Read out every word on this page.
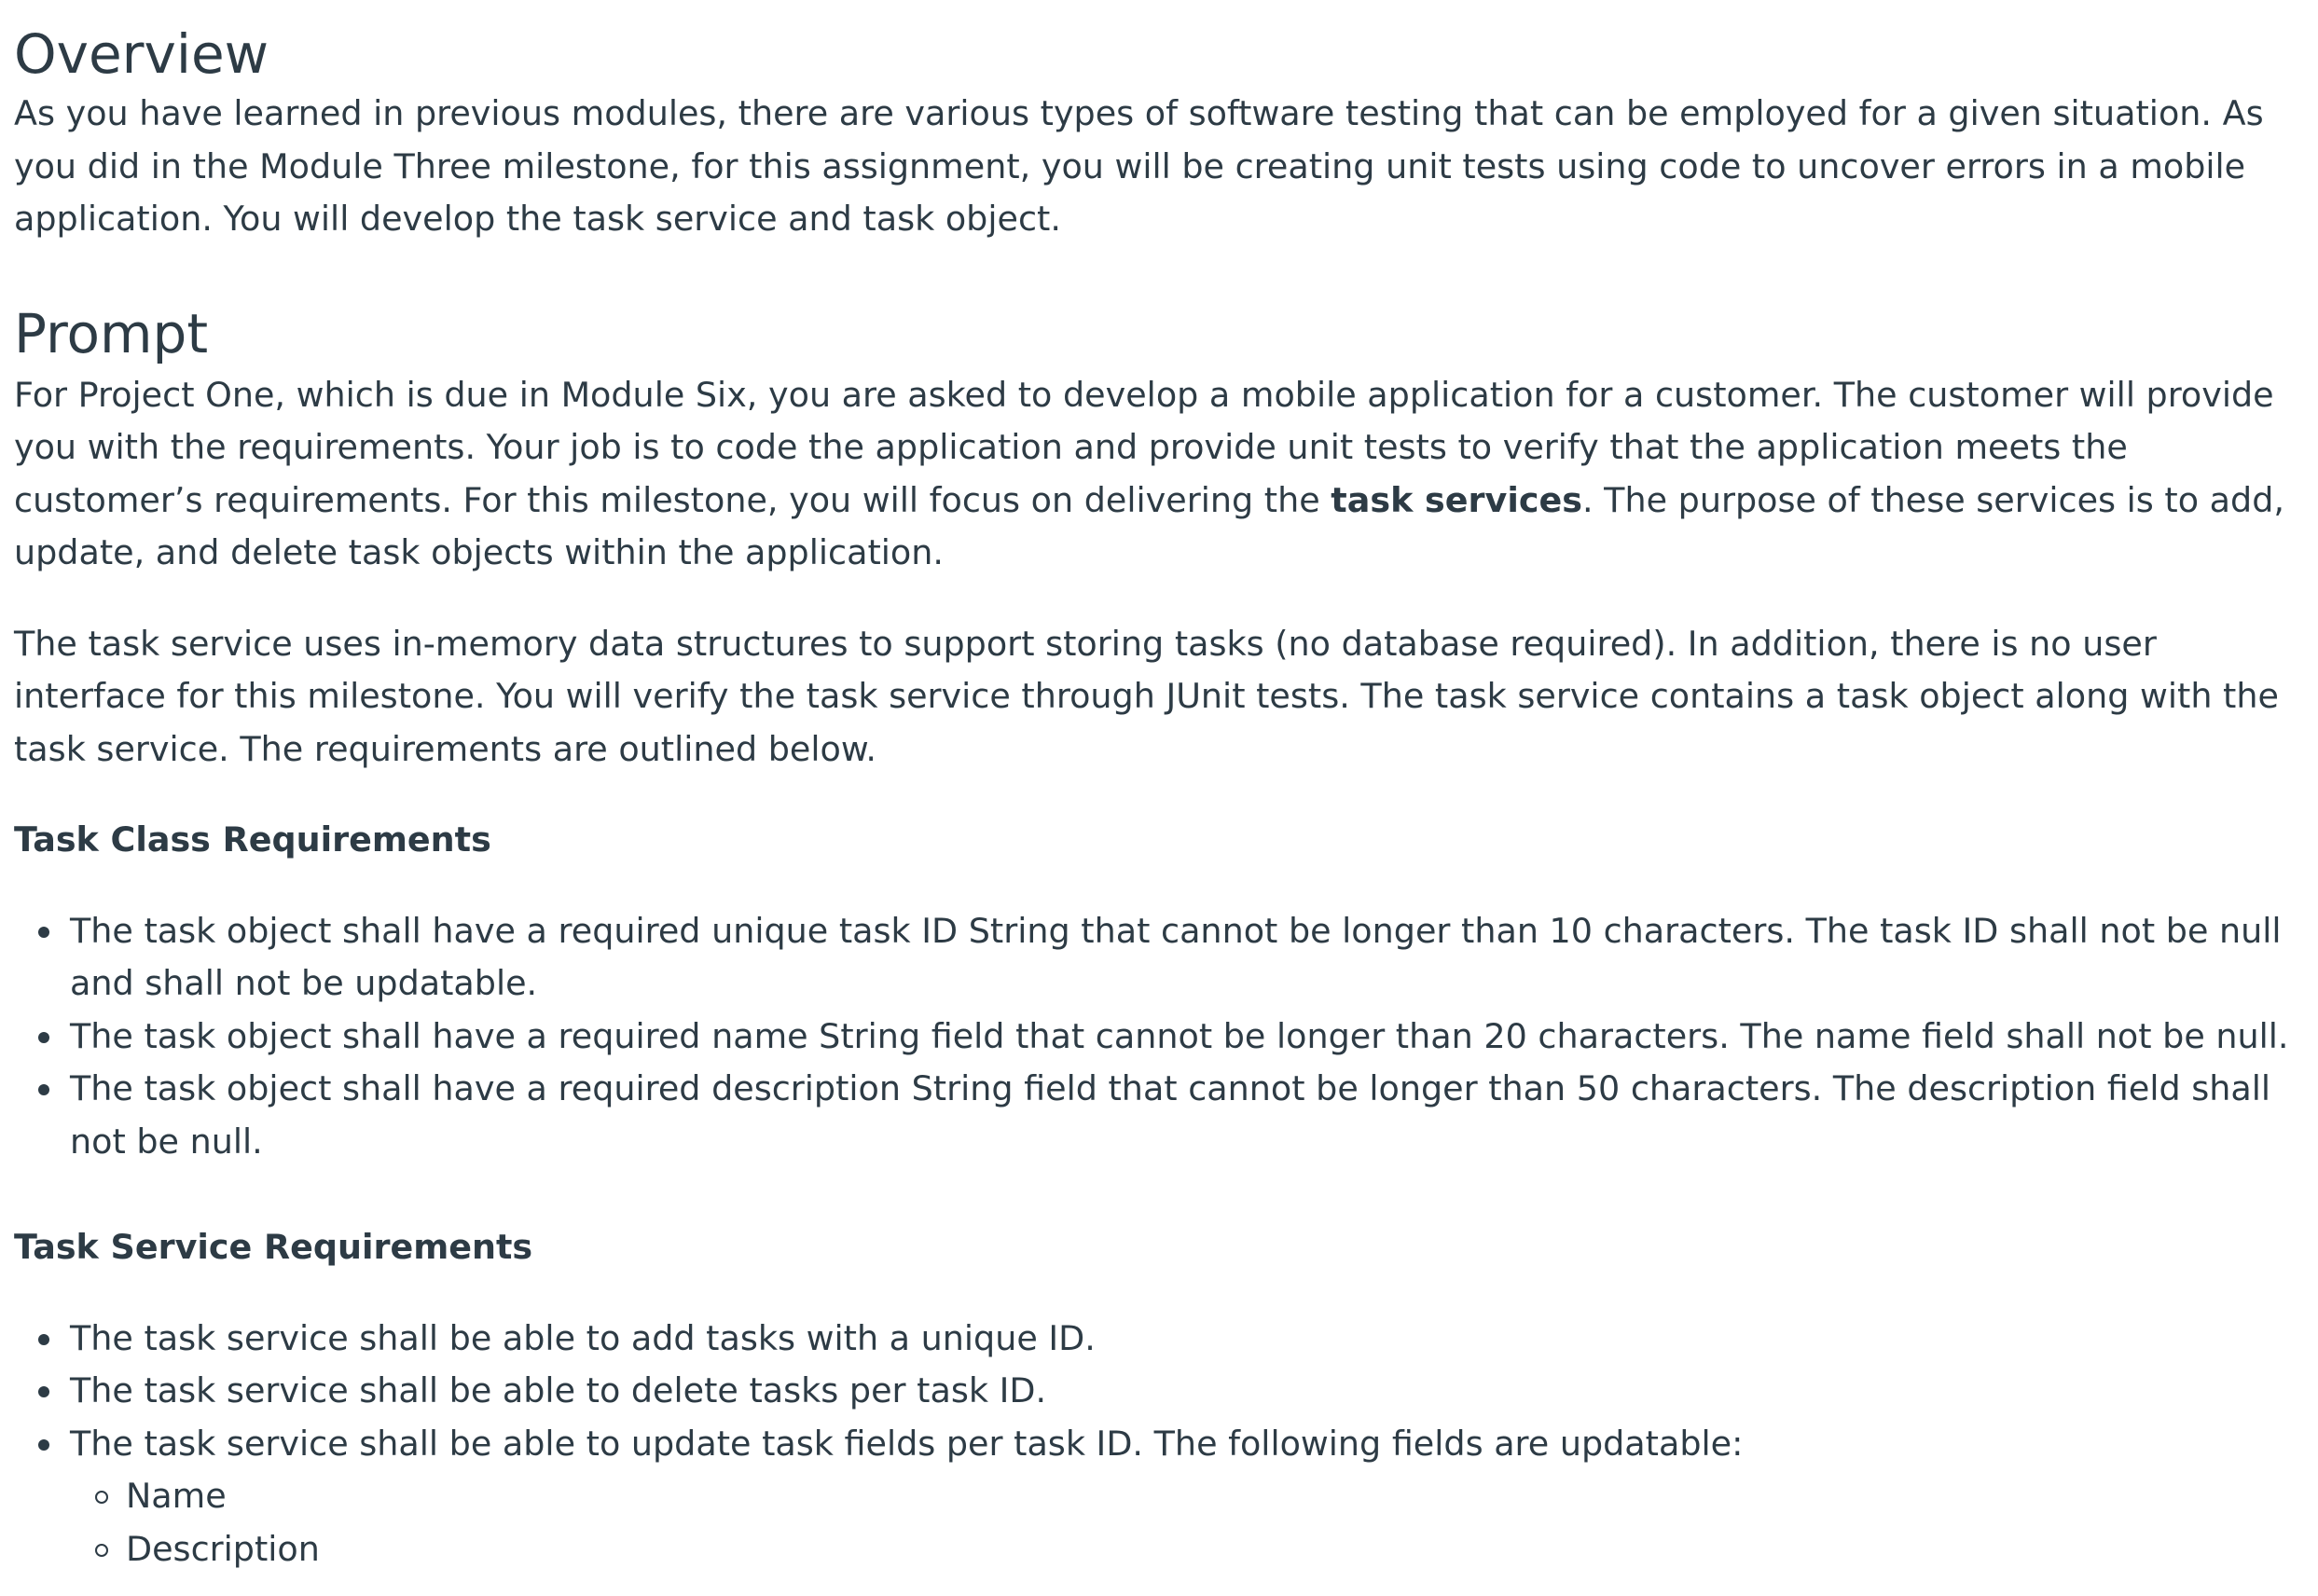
Overview

As you have learned in previous modules, there are various types of software testing that can be employed for a given situation. As you did in the Module Three milestone, for this assignment, you will be creating unit tests using code to uncover errors in a mobile application. You will develop the task service and task object.

Prompt

For Project One, which is due in Module Six, you are asked to develop a mobile application for a customer. The customer will provide you with the requirements. Your job is to code the application and provide unit tests to verify that the application meets the customer’s requirements. For this milestone, you will focus on delivering the task services. The purpose of these services is to add, update, and delete task objects within the application.

The task service uses in-memory data structures to support storing tasks (no database required). In addition, there is no user interface for this milestone. You will verify the task service through JUnit tests. The task service contains a task object along with the task service. The requirements are outlined below.

Task Class Requirements

The task object shall have a required unique task ID String that cannot be longer than 10 characters. The task ID shall not be null and shall not be updatable.
The task object shall have a required name String field that cannot be longer than 20 characters. The name field shall not be null.
The task object shall have a required description String field that cannot be longer than 50 characters. The description field shall not be null.

Task Service Requirements

The task service shall be able to add tasks with a unique ID.
The task service shall be able to delete tasks per task ID.
The task service shall be able to update task fields per task ID. The following fields are updatable:
Name
Description
